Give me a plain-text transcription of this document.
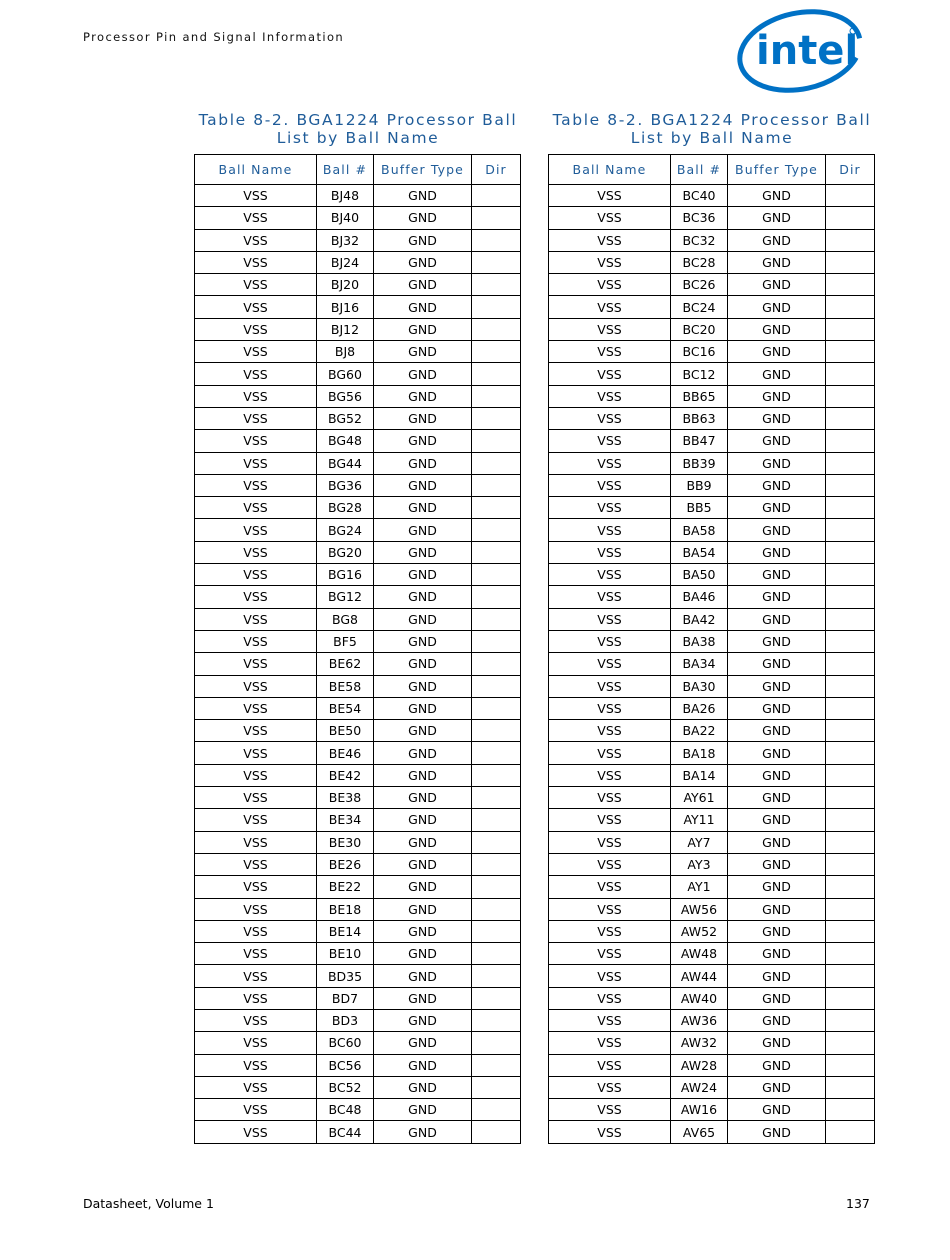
Processor Pin and Signal Information	intel
Table 8-2. BGA1224 Processor Ball
List by Ball Name
Table 8-2. BGA1224 Processor Ball
List by Ball Name
Ball Name	Ball #	Buffer Type	Dir
VSS	BJ48	GND	
VSS	BJ40	GND	
VSS	BJ32	GND	
VSS	BJ24	GND	
VSS	BJ20	GND	
VSS	BJ16	GND	
VSS	BJ12	GND	
VSS	BJ8	GND	
VSS	BG60	GND	
VSS	BG56	GND	
VSS	BG52	GND	
VSS	BG48	GND	
VSS	BG44	GND	
VSS	BG36	GND	
VSS	BG28	GND	
VSS	BG24	GND	
VSS	BG20	GND	
VSS	BG16	GND	
VSS	BG12	GND	
VSS	BG8	GND	
VSS	BF5	GND	
VSS	BE62	GND	
VSS	BE58	GND	
VSS	BE54	GND	
VSS	BE50	GND	
VSS	BE46	GND	
VSS	BE42	GND	
VSS	BE38	GND	
VSS	BE34	GND	
VSS	BE30	GND	
VSS	BE26	GND	
VSS	BE22	GND	
VSS	BE18	GND	
VSS	BE14	GND	
VSS	BE10	GND	
VSS	BD35	GND	
VSS	BD7	GND	
VSS	BD3	GND	
VSS	BC60	GND	
VSS	BC56	GND	
VSS	BC52	GND	
VSS	BC48	GND	
VSS	BC44	GND	
Ball Name	Ball #	Buffer Type	Dir
VSS	BC40	GND	
VSS	BC36	GND	
VSS	BC32	GND	
VSS	BC28	GND	
VSS	BC26	GND	
VSS	BC24	GND	
VSS	BC20	GND	
VSS	BC16	GND	
VSS	BC12	GND	
VSS	BB65	GND	
VSS	BB63	GND	
VSS	BB47	GND	
VSS	BB39	GND	
VSS	BB9	GND	
VSS	BB5	GND	
VSS	BA58	GND	
VSS	BA54	GND	
VSS	BA50	GND	
VSS	BA46	GND	
VSS	BA42	GND	
VSS	BA38	GND	
VSS	BA34	GND	
VSS	BA30	GND	
VSS	BA26	GND	
VSS	BA22	GND	
VSS	BA18	GND	
VSS	BA14	GND	
VSS	AY61	GND	
VSS	AY11	GND	
VSS	AY7	GND	
VSS	AY3	GND	
VSS	AY1	GND	
VSS	AW56	GND	
VSS	AW52	GND	
VSS	AW48	GND	
VSS	AW44	GND	
VSS	AW40	GND	
VSS	AW36	GND	
VSS	AW32	GND	
VSS	AW28	GND	
VSS	AW24	GND	
VSS	AW16	GND	
VSS	AV65	GND	
Datasheet, Volume 1	137
